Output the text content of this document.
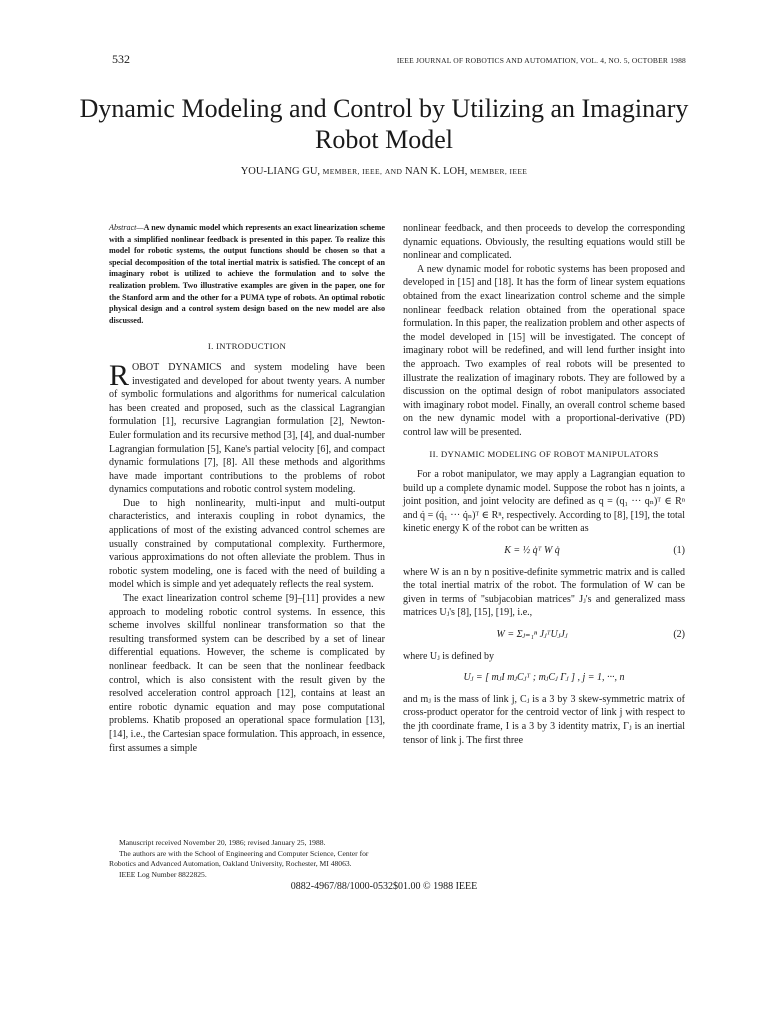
532	IEEE JOURNAL OF ROBOTICS AND AUTOMATION, VOL. 4, NO. 5, OCTOBER 1988
Dynamic Modeling and Control by Utilizing an Imaginary Robot Model
YOU-LIANG GU, MEMBER, IEEE, AND NAN K. LOH, MEMBER, IEEE
Abstract—A new dynamic model which represents an exact linearization scheme with a simplified nonlinear feedback is presented in this paper. To realize this model for robotic systems, the output functions should be chosen so that a special decomposition of the total inertial matrix is satisfied. The concept of an imaginary robot is utilized to achieve the formulation and to solve the realization problem. Two illustrative examples are given in the paper, one for the Stanford arm and the other for a PUMA type of robots. An optimal robotic physical design and a control system design based on the new model are also discussed.
I. INTRODUCTION

ROBOT DYNAMICS and system modeling have been investigated and developed for about twenty years. A number of symbolic formulations and algorithms for numerical calculation has been created and proposed, such as the classical Lagrangian formulation [1], recursive Lagrangian formulation [2], Newton-Euler formulation and its recursive method [3], [4], and dual-number Lagrangian formulation [5], Kane's partial velocity [6], and compact dynamic formulations [7], [8]. All these methods and algorithms have made important contributions to the problems of robot dynamics computations and robotic control system modeling.

Due to high nonlinearity, multi-input and multi-output characteristics, and interaxis coupling in robot dynamics, the applications of most of the existing advanced control schemes are usually constrained by computational complexity. Furthermore, various approximations do not often alleviate the problem. Thus in robotic system modeling, one is faced with the need of building a model which is simple and yet adequately reflects the real system.

The exact linearization control scheme [9]–[11] provides a new approach to modeling robotic control systems. In essence, this scheme involves skillful nonlinear transformation so that the resulting transformed system can be described by a set of linear differential equations. However, the scheme is complicated by nonlinear feedback. It can be seen that the nonlinear feedback control, which is also consistent with the result given by the resolved acceleration control approach [12], contains at least an entire robotic dynamic equation and may pose computational problems. Khatib proposed an operational space formulation [13], [14], i.e., the Cartesian space formulation. This approach, in essence, first assumes a simple

nonlinear feedback, and then proceeds to develop the corresponding dynamic equations. Obviously, the resulting equations would still be nonlinear and complicated.

A new dynamic model for robotic systems has been proposed and developed in [15] and [18]. It has the form of linear system equations obtained from the exact linearization control scheme and the simple nonlinear feedback relation obtained from the operational space formulation. In this paper, the realization problem and other aspects of the model developed in [15] will be investigated. The concept of imaginary robot will be redefined, and will lend further insight into the approach. Two examples of real robots will be presented to illustrate the realization of imaginary robots. They are followed by a discussion on the optimal design of robot manipulators associated with imaginary robot model. Finally, an overall control scheme based on the new dynamic model with a proportional-derivative (PD) control law will be presented.

II. DYNAMIC MODELING OF ROBOT MANIPULATORS

For a robot manipulator, we may apply a Lagrangian equation to build up a complete dynamic model. Suppose the robot has n joints, a joint position, and joint velocity are defined as q = (q₁ ··· qₙ)ᵀ ∈ Rⁿ and q̇ = (q̇₁ ··· q̇ₙ)ᵀ ∈ Rⁿ, respectively. According to [8], [19], the total kinetic energy K of the robot can be written as

K = ½ q̇ᵀ W q̇	(1)

where W is an n by n positive-definite symmetric matrix and is called the total inertial matrix of the robot. The formulation of W can be given in terms of "subjacobian matrices" Jⱼ's and generalized mass matrices Uⱼ's [8], [15], [19], i.e.,

W = Σⱼ₌₁ⁿ JⱼᵀUⱼJⱼ	(2)

where Uⱼ is defined by

Uⱼ = [ mⱼI mⱼCⱼᵀ ; mⱼCⱼ Γⱼ ] , j = 1, ···, n

and mⱼ is the mass of link j, Cⱼ is a 3 by 3 skew-symmetric matrix of cross-product operator for the centroid vector of link j with respect to the jth coordinate frame, I is a 3 by 3 identity matrix, Γⱼ is an inertial tensor of link j. The first three

Manuscript received November 20, 1986; revised January 25, 1988.
The authors are with the School of Engineering and Computer Science, Center for Robotics and Advanced Automation, Oakland University, Rochester, MI 48063.
IEEE Log Number 8822825.
0882-4967/88/1000-0532$01.00 © 1988 IEEE
